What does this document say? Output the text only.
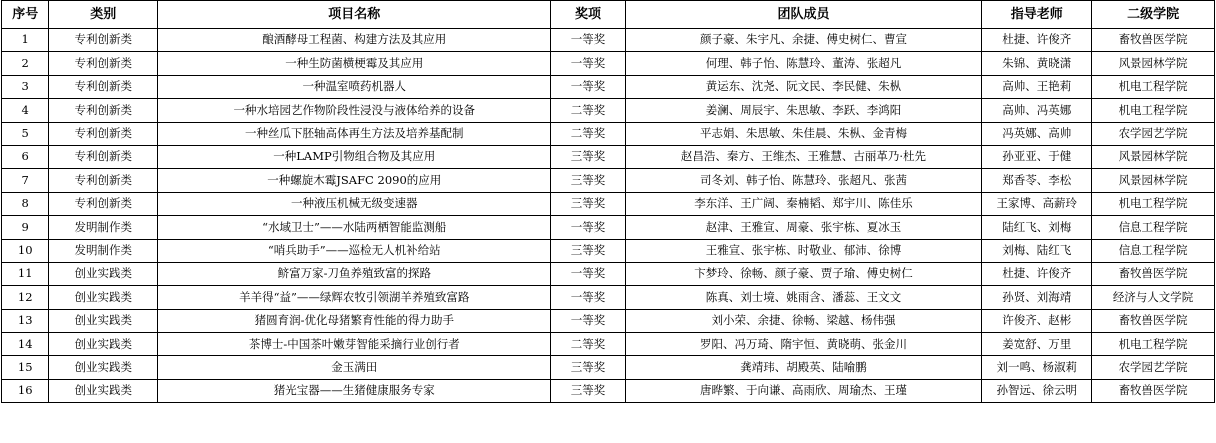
序号	类别	项目名称	奖项	团队成员	指导老师	二级学院
1	专利创新类	酿酒酵母工程菌、构建方法及其应用	一等奖	颜子豪、朱宇凡、余捷、傅史树仁、曹宣	杜捷、许俊齐	畜牧兽医学院
2	专利创新类	一种生防菌横梗霉及其应用	一等奖	何理、韩子怡、陈慧玲、董涛、张超凡	朱锦、黄晓潇	风景园林学院
3	专利创新类	一种温室喷药机器人	一等奖	黄运东、沈尧、阮文民、李民健、朱枞	高帅、王艳莉	机电工程学院
4	专利创新类	一种水培园艺作物阶段性浸没与液体给养的设备	二等奖	姜澜、周辰宇、朱思敏、李跃、李鸿阳	高帅、冯英娜	机电工程学院
5	专利创新类	一种丝瓜下胚轴高体再生方法及培养基配制	二等奖	平志娟、朱思敏、朱佳晨、朱枞、金青梅	冯英娜、高帅	农学园艺学院
6	专利创新类	一种LAMP引物组合物及其应用	三等奖	赵昌浩、秦方、王维杰、王雅慧、古丽革乃·杜先	孙亚亚、于健	风景园林学院
7	专利创新类	一种螺旋木霉JSAFC 2090的应用	三等奖	司冬刘、韩子怡、陈慧玲、张超凡、张茜	郑香苓、李松	风景园林学院
8	专利创新类	一种液压机械无级变速器	三等奖	李东洋、王广阔、秦楠韬、郑宇川、陈佳乐	王家博、高薪玲	机电工程学院
9	发明制作类	“水域卫士”——水陆两栖智能监测船	一等奖	赵津、王雅宣、周豪、张宇栋、夏冰玉	陆红飞、刘梅	信息工程学院
10	发明制作类	“哨兵助手”——巡检无人机补给站	三等奖	王雅宣、张宇栋、时敬业、郁沛、徐博	刘梅、陆红飞	信息工程学院
11	创业实践类	鲚富万家-刀鱼养殖致富的探路	一等奖	卞梦玲、徐畅、颜子豪、贾子瑜、傅史树仁	杜捷、许俊齐	畜牧兽医学院
12	创业实践类	羊羊得“益”——绿辉农牧引领湖羊养殖致富路	一等奖	陈真、刘士境、姚雨含、潘蕊、王文文	孙贤、刘海靖	经济与人文学院
13	创业实践类	猪圆育润-优化母猪繁育性能的得力助手	一等奖	刘小荣、余捷、徐畅、梁越、杨伟强	许俊齐、赵彬	畜牧兽医学院
14	创业实践类	茶博士-中国茶叶嫩芽智能采摘行业创行者	二等奖	罗阳、冯万琦、隋宇恒、黄晓萌、张金川	姜宽舒、万里	机电工程学院
15	创业实践类	金玉满田	三等奖	龚靖玮、胡殿英、陆喻鹏	刘一鸣、杨淑莉	农学园艺学院
16	创业实践类	猪光宝器——生猪健康服务专家	三等奖	唐晔繁、于向谦、高雨欣、周瑜杰、王瑾	孙智远、徐云明	畜牧兽医学院
